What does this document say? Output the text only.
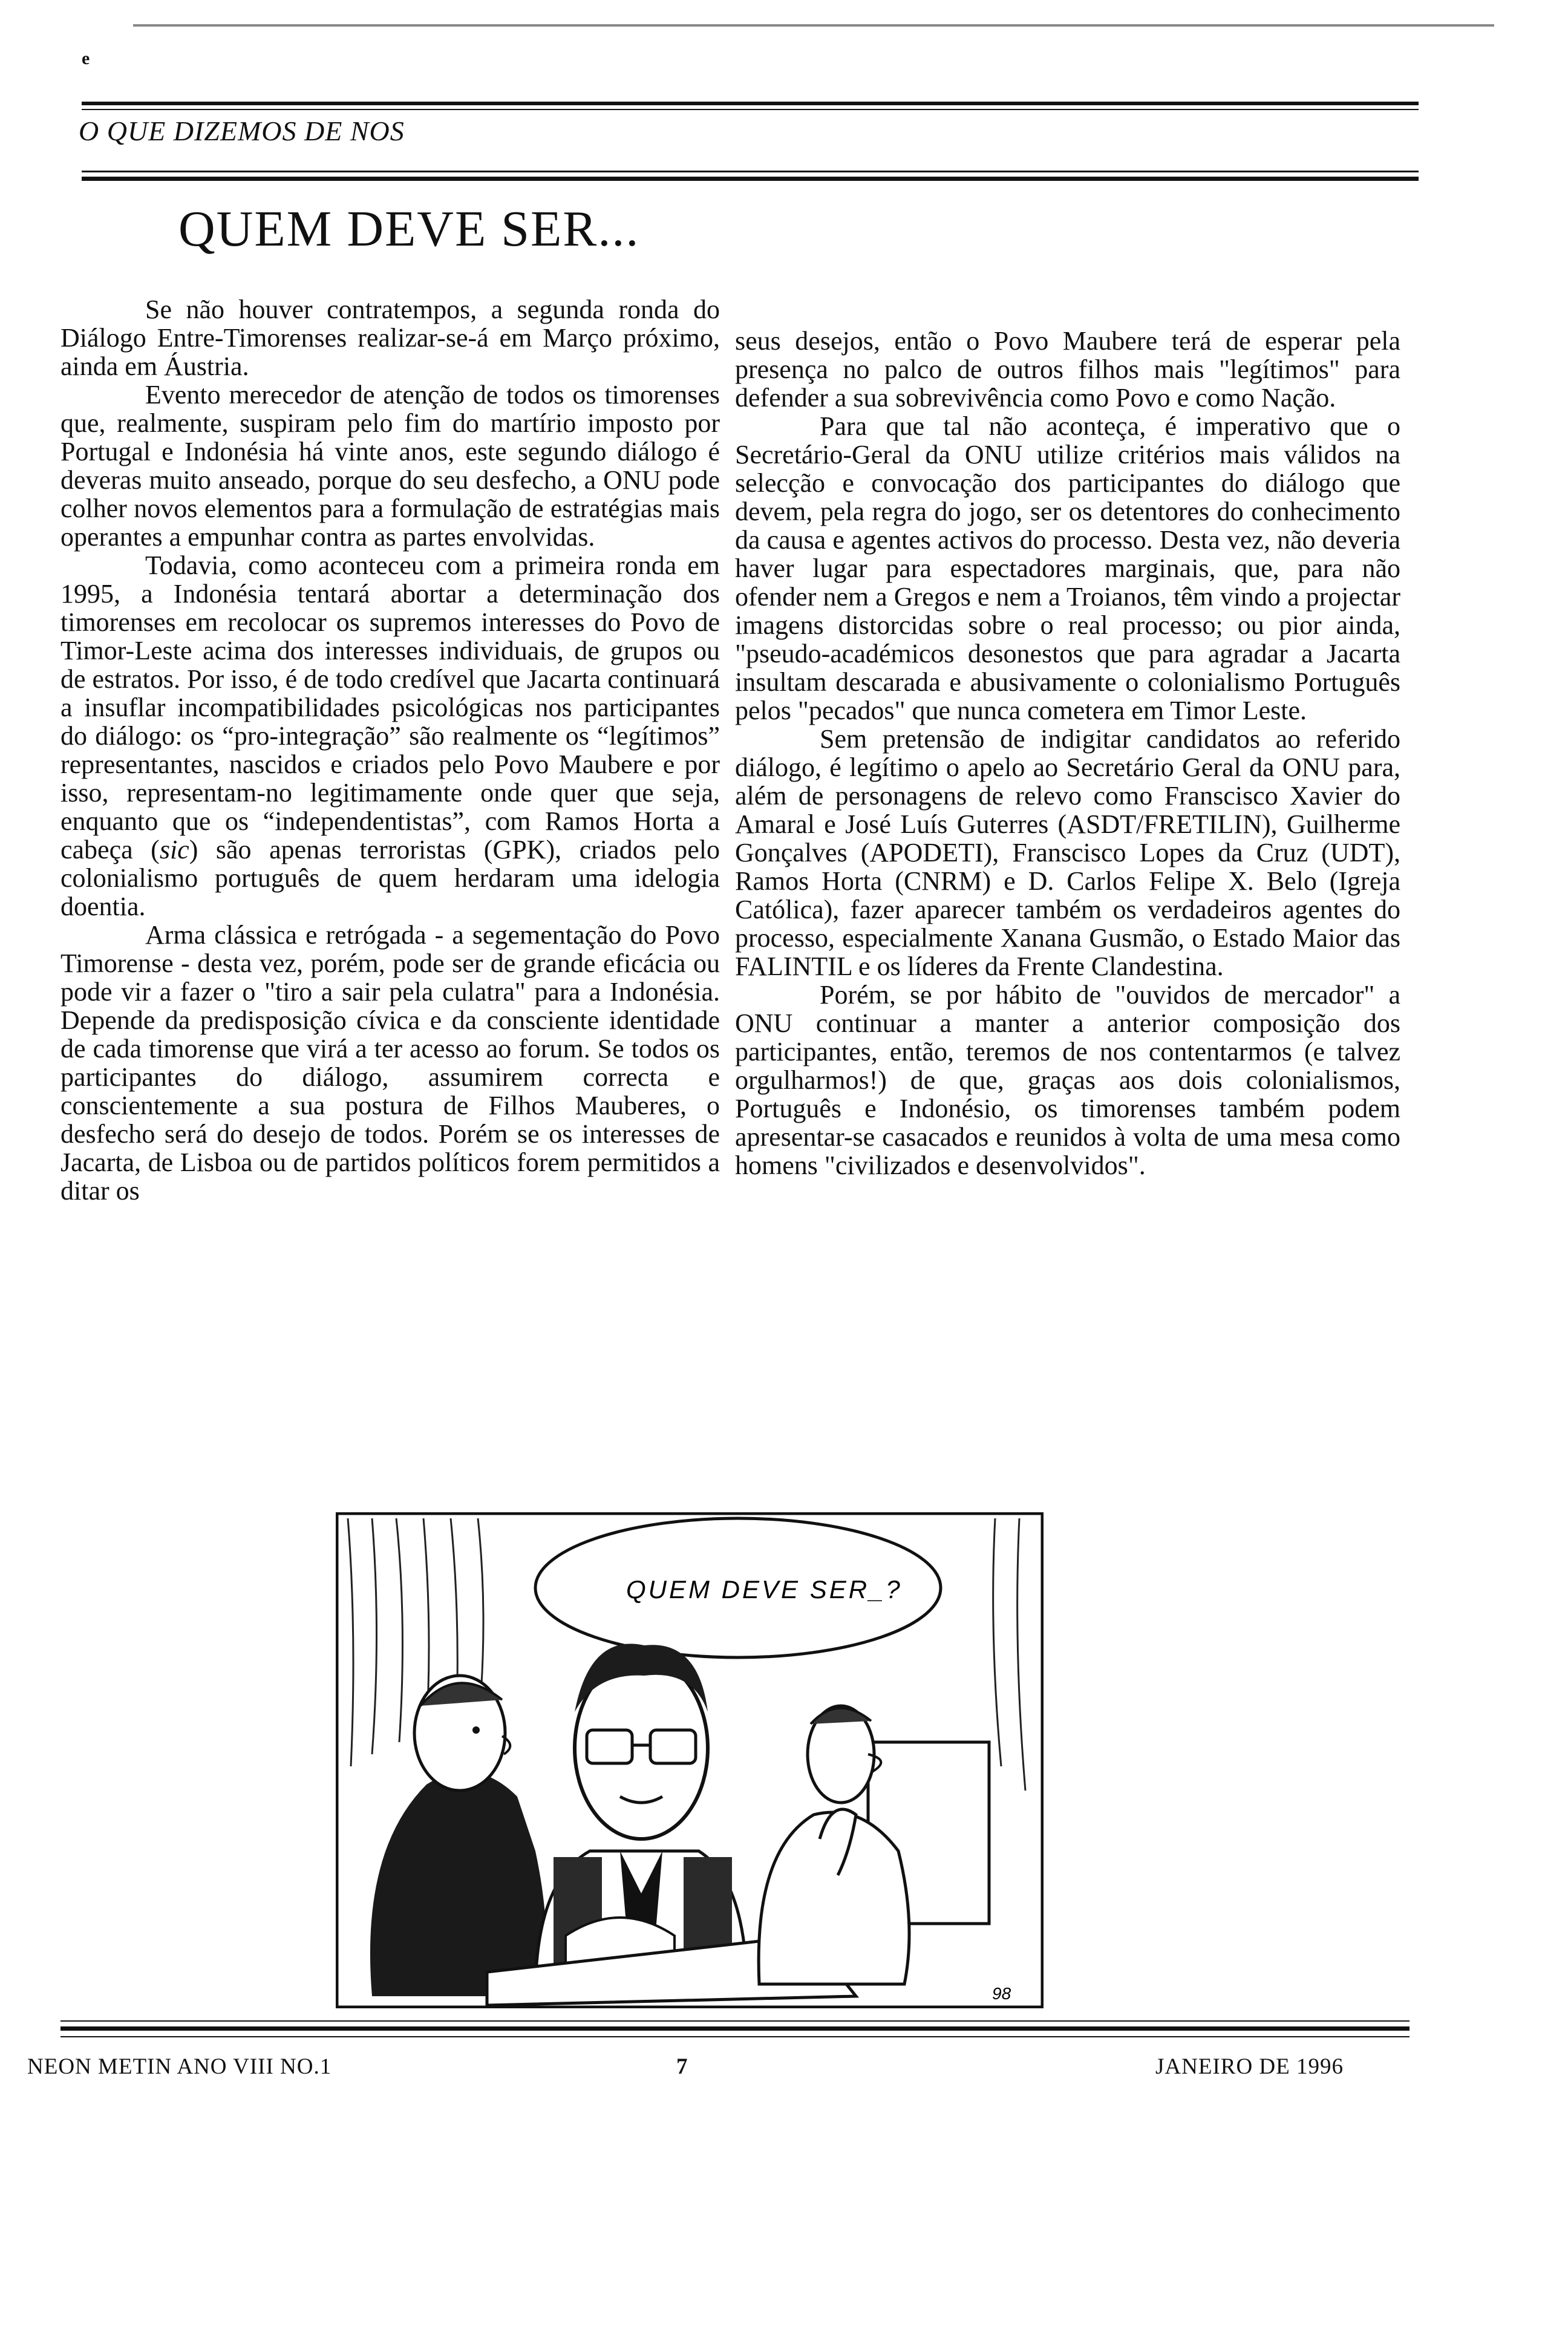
e
O QUE DIZEMOS DE NOS
QUEM DEVE SER...

Se não houver contratempos, a segunda ronda do Diálogo Entre-Timorenses realizar-se-á em Março próximo, ainda em Áustria.

Evento merecedor de atenção de todos os timorenses que, realmente, suspiram pelo fim do martírio imposto por Portugal e Indonésia há vinte anos, este segundo diálogo é deveras muito anseado, porque do seu desfecho, a ONU pode colher novos elementos para a formulação de estratégias mais operantes a empunhar contra as partes envolvidas.

Todavia, como aconteceu com a primeira ronda em 1995, a Indonésia tentará abortar a determinação dos timorenses em recolocar os supremos interesses do Povo de Timor-Leste acima dos interesses individuais, de grupos ou de estratos. Por isso, é de todo credível que Jacarta continuará a insuflar incompatibilidades psicológicas nos participantes do diálogo: os “pro-integração” são realmente os “legítimos” representantes, nascidos e criados pelo Povo Mauberе e por isso, representam-no legitimamente onde quer que seja, enquanto que os “independentistas”, com Ramos Horta a cabeça (sic) são apenas terroristas (GPK), criados pelo colonialismo português de quem herdaram uma idelogia doentia.

Arma clássica e retrógada - a segementação do Povo Timorense - desta vez, porém, pode ser de grande eficácia ou pode vir a fazer o "tiro a sair pela culatra" para a Indonésia. Depende da predisposição cívica e da consciente identidade de cada timorense que virá a ter acesso ao forum. Se todos os participantes do diálogo, assumirem correcta e conscientemente a sua postura de Filhos Mauberes, o desfecho será do desejo de todos. Porém se os interesses de Jacarta, de Lisboa ou de partidos políticos forem permitidos a ditar os

seus desejos, então o Povo Maubere terá de esperar pela presença no palco de outros filhos mais "legítimos" para defender a sua sobrevivência como Povo e como Nação.

Para que tal não aconteça, é imperativo que o Secretário-Geral da ONU utilize critérios mais válidos na selecção e convocação dos participantes do diálogo que devem, pela regra do jogo, ser os detentores do conhecimento da causa e agentes activos do processo. Desta vez, não deveria haver lugar para espectadores marginais, que, para não ofender nem a Gregos e nem a Troianos, têm vindo a projectar imagens distorcidas sobre o real processo; ou pior ainda, "pseudo-académicos desonestos que para agradar a Jacarta insultam descarada e abusivamente o colonialismo Português pelos "pecados" que nunca cometera em Timor Leste.

Sem pretensão de indigitar candidatos ao referido diálogo, é legítimo o apelo ao Secretário Geral da ONU para, além de personagens de relevo como Franscisco Xavier do Amaral e José Luís Guterres (ASDT/FRETILIN), Guilherme Gonçalves (APODETI), Franscisco Lopes da Cruz (UDT), Ramos Horta (CNRM) e D. Carlos Felipe X. Belo (Igreja Católica), fazer aparecer também os verdadeiros agentes do processo, especialmente Xanana Gusmão, o Estado Maior das FALINTIL e os líderes da Frente Clandestina.

Porém, se por hábito de "ouvidos de mercador" a ONU continuar a manter a anterior composição dos participantes, então, teremos de nos contentarmos (e talvez orgulharmos!) de que, graças aos dois colonialismos, Português e Indonésio, os timorenses também podem apresentar-se casacados e reunidos à volta de uma mesa como homens "civilizados e desenvolvidos".

QUEM DEVE SER_?
98
NEON METIN ANO VIII NO.1	7	JANEIRO DE 1996
